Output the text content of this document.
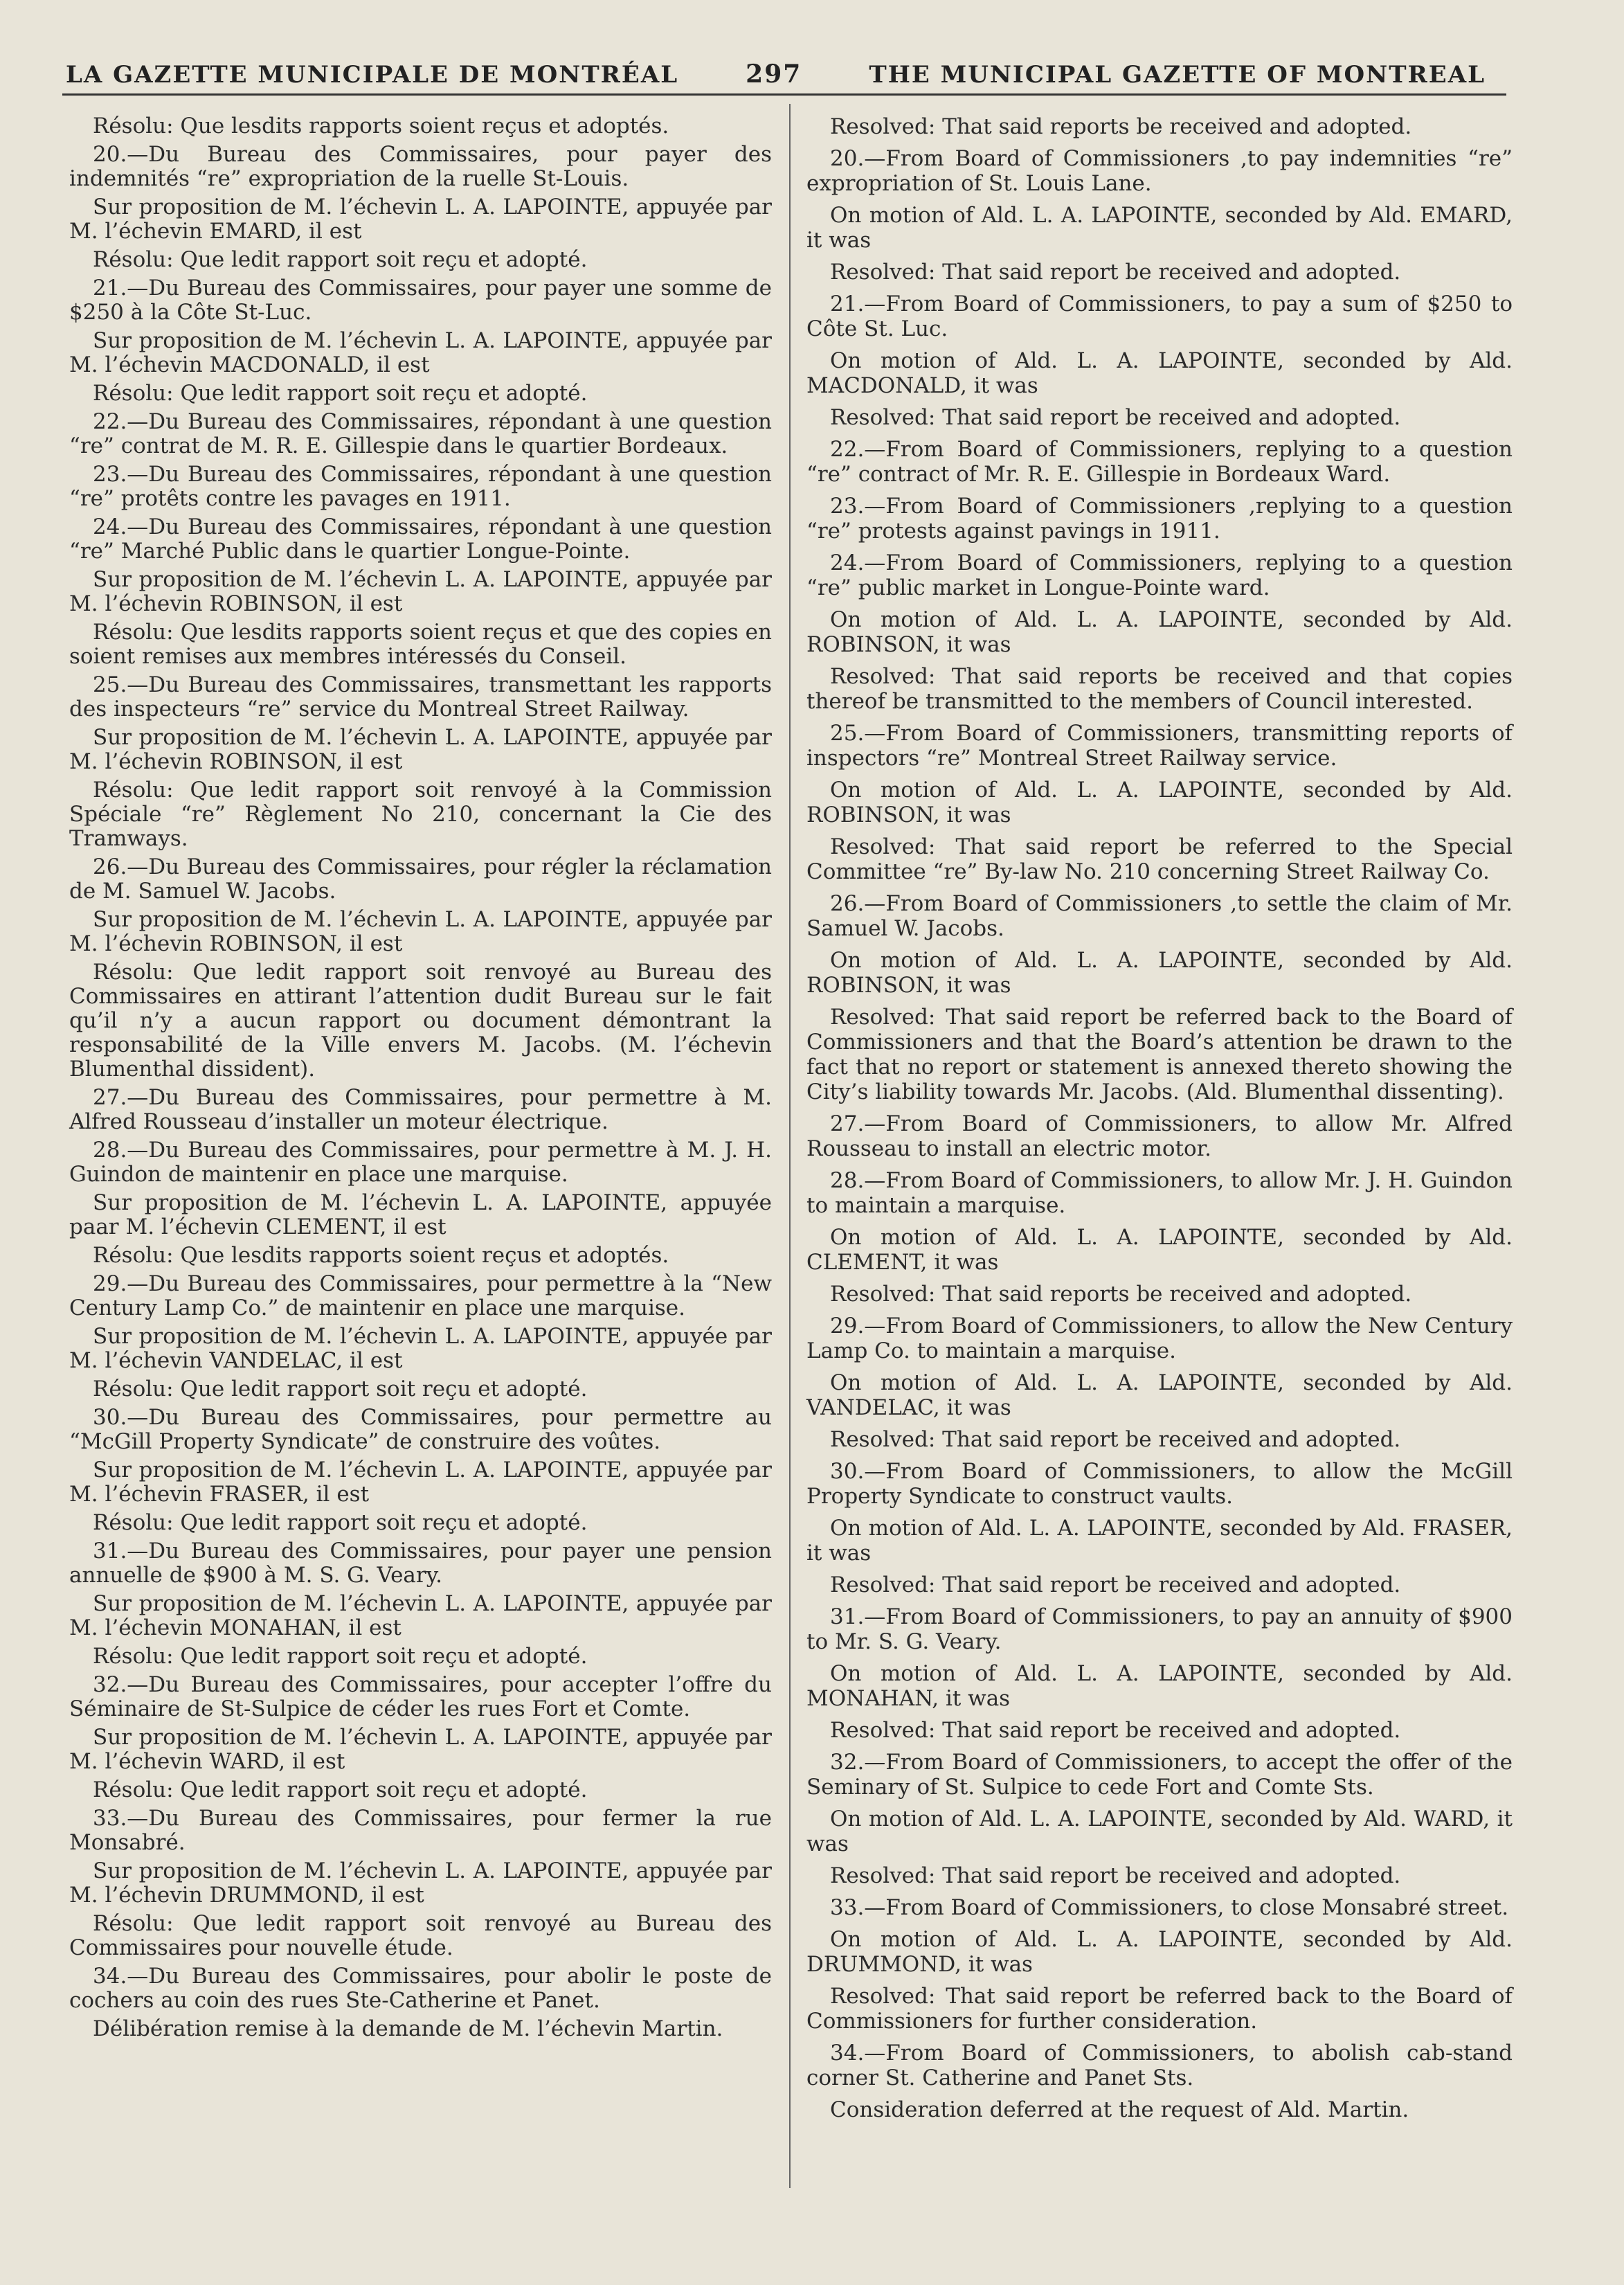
LA GAZETTE MUNICIPALE DE MONTRÉAL	297	THE MUNICIPAL GAZETTE OF MONTREAL

Résolu: Que lesdits rapports soient reçus et adoptés.

20.—Du Bureau des Commissaires, pour payer des indemnités “re” expropriation de la ruelle St-Louis.

Sur proposition de M. l’échevin L. A. LAPOINTE, appuyée par M. l’échevin EMARD, il est

Résolu: Que ledit rapport soit reçu et adopté.

21.—Du Bureau des Commissaires, pour payer une somme de $250 à la Côte St-Luc.

Sur proposition de M. l’échevin L. A. LAPOINTE, appuyée par M. l’échevin MACDONALD, il est

Résolu: Que ledit rapport soit reçu et adopté.

22.—Du Bureau des Commissaires, répondant à une question “re” contrat de M. R. E. Gillespie dans le quartier Bordeaux.

23.—Du Bureau des Commissaires, répondant à une question “re” protêts contre les pavages en 1911.

24.—Du Bureau des Commissaires, répondant à une question “re” Marché Public dans le quartier Longue-Pointe.

Sur proposition de M. l’échevin L. A. LAPOINTE, appuyée par M. l’échevin ROBINSON, il est

Résolu: Que lesdits rapports soient reçus et que des copies en soient remises aux membres intéressés du Conseil.

25.—Du Bureau des Commissaires, transmettant les rapports des inspecteurs “re” service du Montreal Street Railway.

Sur proposition de M. l’échevin L. A. LAPOINTE, appuyée par M. l’échevin ROBINSON, il est

Résolu: Que ledit rapport soit renvoyé à la Commission Spéciale “re” Règlement No 210, concernant la Cie des Tramways.

26.—Du Bureau des Commissaires, pour régler la réclamation de M. Samuel W. Jacobs.

Sur proposition de M. l’échevin L. A. LAPOINTE, appuyée par M. l’échevin ROBINSON, il est

Résolu: Que ledit rapport soit renvoyé au Bureau des Commissaires en attirant l’attention dudit Bureau sur le fait qu’il n’y a aucun rapport ou document démontrant la responsabilité de la Ville envers M. Jacobs. (M. l’échevin Blumenthal dissident).

27.—Du Bureau des Commissaires, pour permettre à M. Alfred Rousseau d’installer un moteur électrique.

28.—Du Bureau des Commissaires, pour permettre à M. J. H. Guindon de maintenir en place une marquise.

Sur proposition de M. l’échevin L. A. LAPOINTE, appuyée paar M. l’échevin CLEMENT, il est

Résolu: Que lesdits rapports soient reçus et adoptés.

29.—Du Bureau des Commissaires, pour permettre à la “New Century Lamp Co.” de maintenir en place une marquise.

Sur proposition de M. l’échevin L. A. LAPOINTE, appuyée par M. l’échevin VANDELAC, il est

Résolu: Que ledit rapport soit reçu et adopté.

30.—Du Bureau des Commissaires, pour permettre au “McGill Property Syndicate” de construire des voûtes.

Sur proposition de M. l’échevin L. A. LAPOINTE, appuyée par M. l’échevin FRASER, il est

Résolu: Que ledit rapport soit reçu et adopté.

31.—Du Bureau des Commissaires, pour payer une pension annuelle de $900 à M. S. G. Veary.

Sur proposition de M. l’échevin L. A. LAPOINTE, appuyée par M. l’échevin MONAHAN, il est

Résolu: Que ledit rapport soit reçu et adopté.

32.—Du Bureau des Commissaires, pour accepter l’offre du Séminaire de St-Sulpice de céder les rues Fort et Comte.

Sur proposition de M. l’échevin L. A. LAPOINTE, appuyée par M. l’échevin WARD, il est

Résolu: Que ledit rapport soit reçu et adopté.

33.—Du Bureau des Commissaires, pour fermer la rue Monsabré.

Sur proposition de M. l’échevin L. A. LAPOINTE, appuyée par M. l’échevin DRUMMOND, il est

Résolu: Que ledit rapport soit renvoyé au Bureau des Commissaires pour nouvelle étude.

34.—Du Bureau des Commissaires, pour abolir le poste de cochers au coin des rues Ste-Catherine et Panet.

Délibération remise à la demande de M. l’échevin Martin.

Resolved: That said reports be received and adopted.

20.—From Board of Commissioners ,to pay indemnities “re” expropriation of St. Louis Lane.

On motion of Ald. L. A. LAPOINTE, seconded by Ald. EMARD, it was

Resolved: That said report be received and adopted.

21.—From Board of Commissioners, to pay a sum of $250 to Côte St. Luc.

On motion of Ald. L. A. LAPOINTE, seconded by Ald. MACDONALD, it was

Resolved: That said report be received and adopted.

22.—From Board of Commissioners, replying to a question “re” contract of Mr. R. E. Gillespie in Bordeaux Ward.

23.—From Board of Commissioners ,replying to a question “re” protests against pavings in 1911.

24.—From Board of Commissioners, replying to a question “re” public market in Longue-Pointe ward.

On motion of Ald. L. A. LAPOINTE, seconded by Ald. ROBINSON, it was

Resolved: That said reports be received and that copies thereof be transmitted to the members of Council interested.

25.—From Board of Commissioners, transmitting reports of inspectors “re” Montreal Street Railway service.

On motion of Ald. L. A. LAPOINTE, seconded by Ald. ROBINSON, it was

Resolved: That said report be referred to the Special Committee “re” By-law No. 210 concerning Street Railway Co.

26.—From Board of Commissioners ,to settle the claim of Mr. Samuel W. Jacobs.

On motion of Ald. L. A. LAPOINTE, seconded by Ald. ROBINSON, it was

Resolved: That said report be referred back to the Board of Commissioners and that the Board’s attention be drawn to the fact that no report or statement is annexed thereto showing the City’s liability towards Mr. Jacobs. (Ald. Blumenthal dissenting).

27.—From Board of Commissioners, to allow Mr. Alfred Rousseau to install an electric motor.

28.—From Board of Commissioners, to allow Mr. J. H. Guindon to maintain a marquise.

On motion of Ald. L. A. LAPOINTE, seconded by Ald. CLEMENT, it was

Resolved: That said reports be received and adopted.

29.—From Board of Commissioners, to allow the New Century Lamp Co. to maintain a marquise.

On motion of Ald. L. A. LAPOINTE, seconded by Ald. VANDELAC, it was

Resolved: That said report be received and adopted.

30.—From Board of Commissioners, to allow the McGill Property Syndicate to construct vaults.

On motion of Ald. L. A. LAPOINTE, seconded by Ald. FRASER, it was

Resolved: That said report be received and adopted.

31.—From Board of Commissioners, to pay an annuity of $900 to Mr. S. G. Veary.

On motion of Ald. L. A. LAPOINTE, seconded by Ald. MONAHAN, it was

Resolved: That said report be received and adopted.

32.—From Board of Commissioners, to accept the offer of the Seminary of St. Sulpice to cede Fort and Comte Sts.

On motion of Ald. L. A. LAPOINTE, seconded by Ald. WARD, it was

Resolved: That said report be received and adopted.

33.—From Board of Commissioners, to close Monsabré street.

On motion of Ald. L. A. LAPOINTE, seconded by Ald. DRUMMOND, it was

Resolved: That said report be referred back to the Board of Commissioners for further consideration.

34.—From Board of Commissioners, to abolish cab-stand corner St. Catherine and Panet Sts.

Consideration deferred at the request of Ald. Martin.
